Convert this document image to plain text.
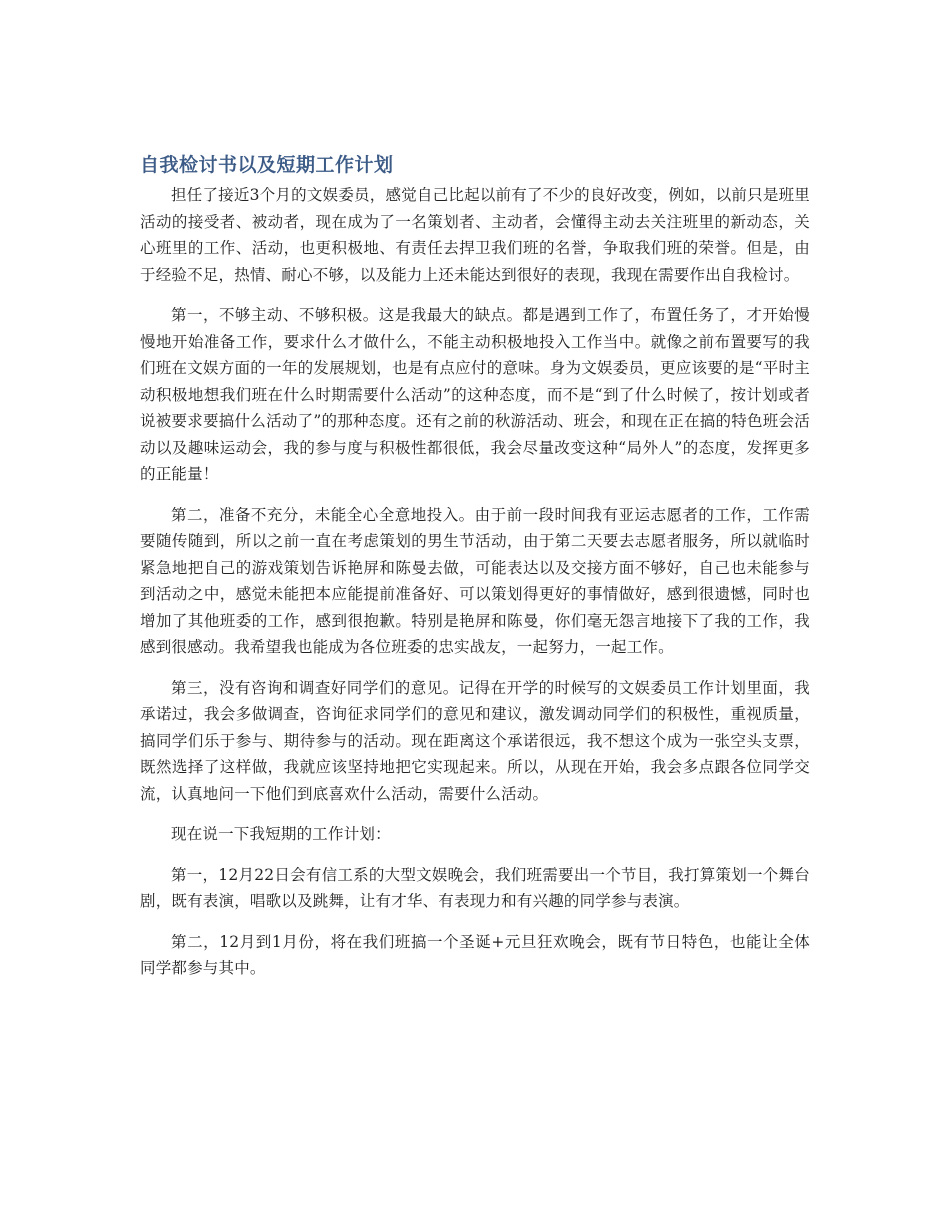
自我检讨书以及短期工作计划

担任了接近3个月的文娱委员，感觉自己比起以前有了不少的良好改变，例如，以前只是班里活动的接受者、被动者，现在成为了一名策划者、主动者，会懂得主动去关注班里的新动态，关心班里的工作、活动，也更积极地、有责任去捍卫我们班的名誉，争取我们班的荣誉。但是，由于经验不足，热情、耐心不够，以及能力上还未能达到很好的表现，我现在需要作出自我检讨。

第一，不够主动、不够积极。这是我最大的缺点。都是遇到工作了，布置任务了，才开始慢慢地开始准备工作，要求什么才做什么，不能主动积极地投入工作当中。就像之前布置要写的我们班在文娱方面的一年的发展规划，也是有点应付的意味。身为文娱委员，更应该要的是“平时主动积极地想我们班在什么时期需要什么活动”的这种态度，而不是“到了什么时候了，按计划或者说被要求要搞什么活动了”的那种态度。还有之前的秋游活动、班会，和现在正在搞的特色班会活动以及趣味运动会，我的参与度与积极性都很低，我会尽量改变这种“局外人”的态度，发挥更多的正能量！

第二，准备不充分，未能全心全意地投入。由于前一段时间我有亚运志愿者的工作，工作需要随传随到，所以之前一直在考虑策划的男生节活动，由于第二天要去志愿者服务，所以就临时紧急地把自己的游戏策划告诉艳屏和陈曼去做，可能表达以及交接方面不够好，自己也未能参与到活动之中，感觉未能把本应能提前准备好、可以策划得更好的事情做好，感到很遗憾，同时也增加了其他班委的工作，感到很抱歉。特别是艳屏和陈曼，你们毫无怨言地接下了我的工作，我感到很感动。我希望我也能成为各位班委的忠实战友，一起努力，一起工作。

第三，没有咨询和调查好同学们的意见。记得在开学的时候写的文娱委员工作计划里面，我承诺过，我会多做调查，咨询征求同学们的意见和建议，激发调动同学们的积极性，重视质量，搞同学们乐于参与、期待参与的活动。现在距离这个承诺很远，我不想这个成为一张空头支票，既然选择了这样做，我就应该坚持地把它实现起来。所以，从现在开始，我会多点跟各位同学交流，认真地问一下他们到底喜欢什么活动，需要什么活动。

现在说一下我短期的工作计划：

第一，12月22日会有信工系的大型文娱晚会，我们班需要出一个节目，我打算策划一个舞台剧，既有表演，唱歌以及跳舞，让有才华、有表现力和有兴趣的同学参与表演。

第二，12月到1月份，将在我们班搞一个圣诞+元旦狂欢晚会，既有节日特色，也能让全体同学都参与其中。
